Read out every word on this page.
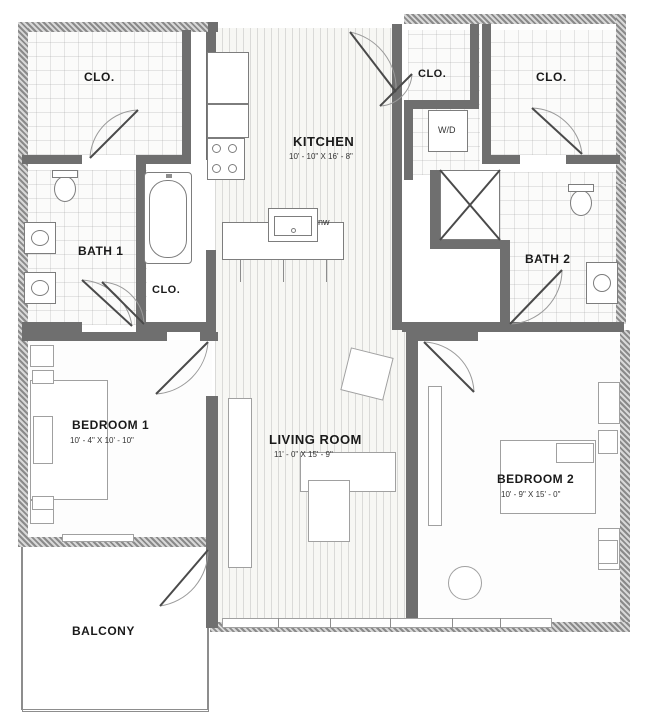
CLO.	CLO.	CLO.
CLO.
KITCHEN
10' - 10" X 16' - 8"
LIVING ROOM
11' - 0" X 15' - 9"
BEDROOM 1
10' - 4" X 10' - 10"
BEDROOM 2
10' - 9" X 15' - 0"
BATH 1
BATH 2
BALCONY
W/D
nw
